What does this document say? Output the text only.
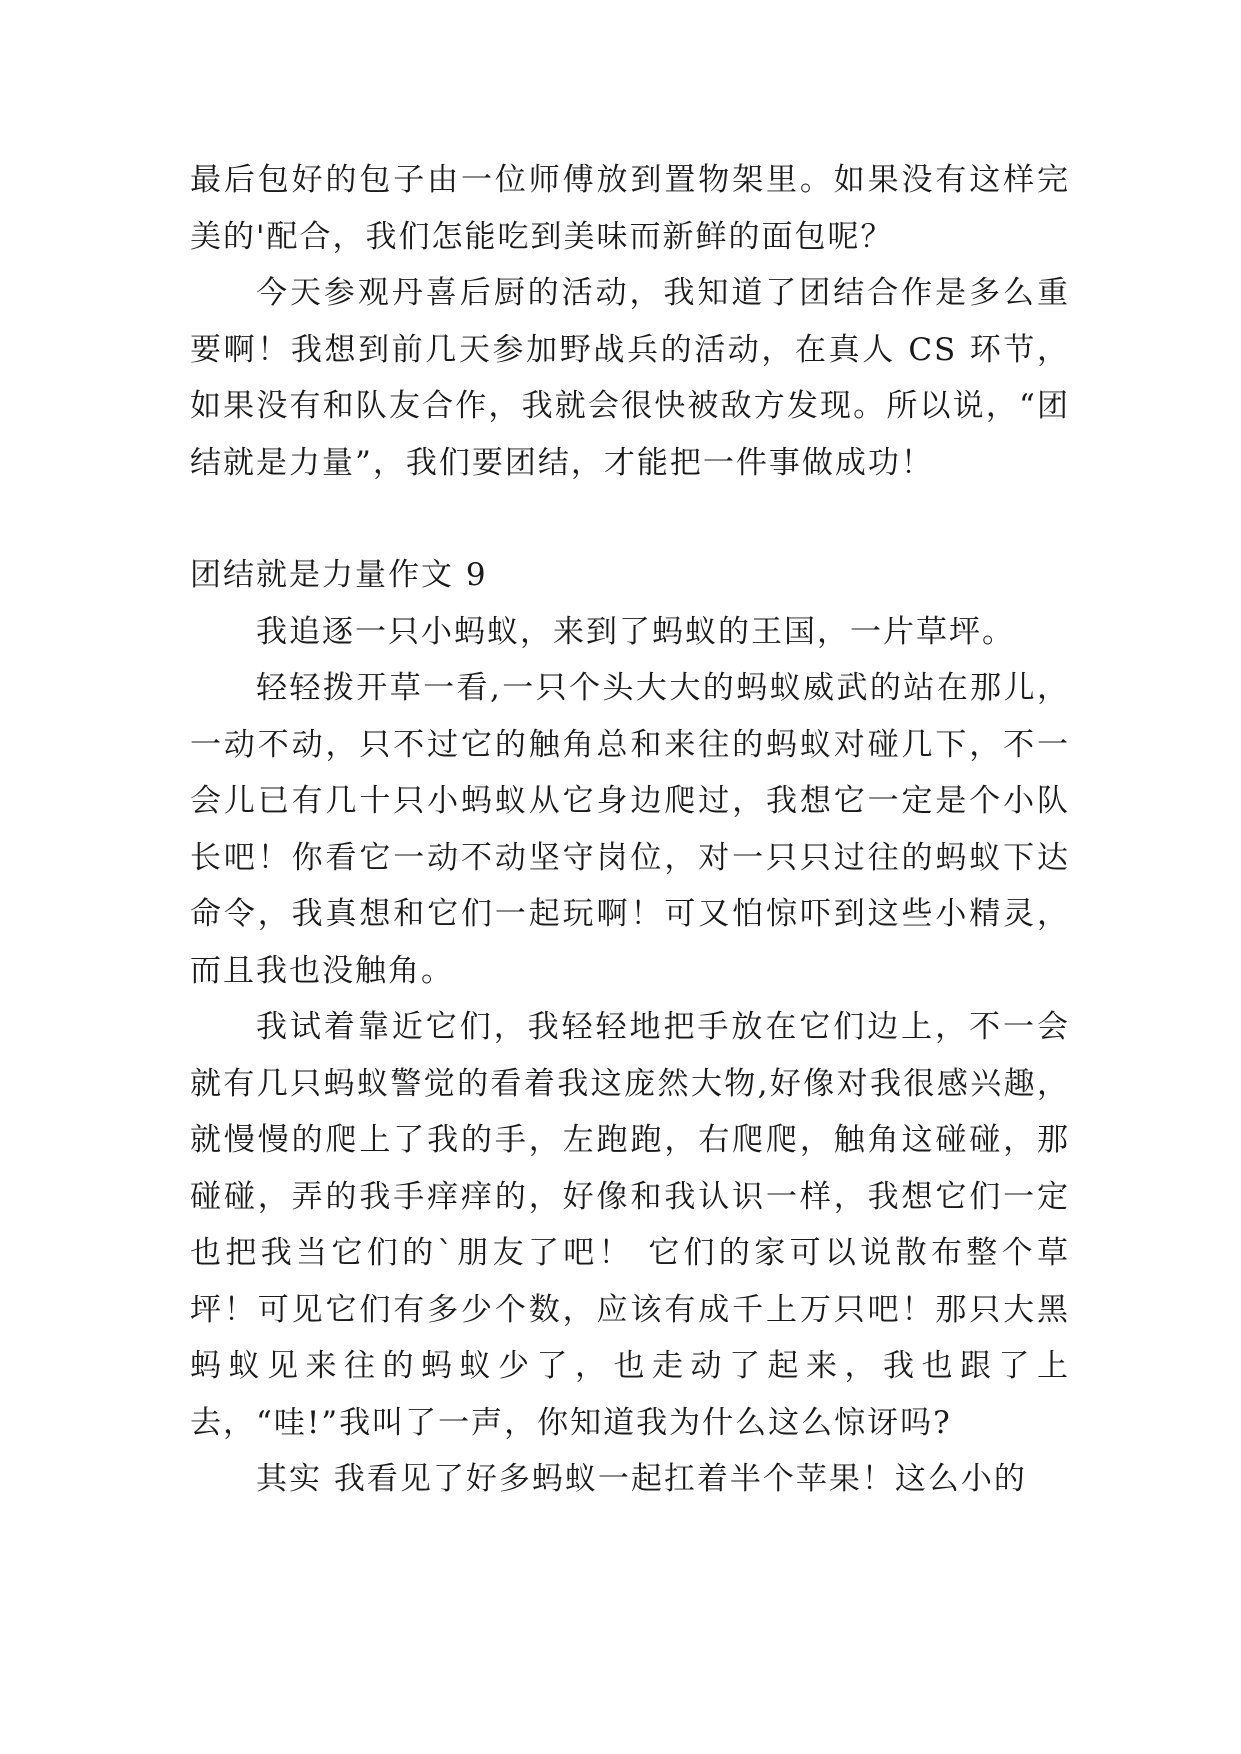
最后包好的包子由一位师傅放到置物架里。如果没有这样完美的'配合，我们怎能吃到美味而新鲜的面包呢？

今天参观丹喜后厨的活动，我知道了团结合作是多么重要啊！我想到前几天参加野战兵的活动，在真人 CS 环节，如果没有和队友合作，我就会很快被敌方发现。所以说，“团结就是力量”，我们要团结，才能把一件事做成功！

团结就是力量作文 9

我追逐一只小蚂蚁，来到了蚂蚁的王国，一片草坪。

轻轻拨开草一看,一只个头大大的蚂蚁威武的站在那儿，一动不动，只不过它的触角总和来往的蚂蚁对碰几下，不一会儿已有几十只小蚂蚁从它身边爬过，我想它一定是个小队长吧！你看它一动不动坚守岗位，对一只只过往的蚂蚁下达命令，我真想和它们一起玩啊！可又怕惊吓到这些小精灵，而且我也没触角。

我试着靠近它们，我轻轻地把手放在它们边上，不一会就有几只蚂蚁警觉的看着我这庞然大物,好像对我很感兴趣，就慢慢的爬上了我的手，左跑跑，右爬爬，触角这碰碰，那碰碰，弄的我手痒痒的，好像和我认识一样，我想它们一定也把我当它们的`朋友了吧！ 它们的家可以说散布整个草坪！可见它们有多少个数，应该有成千上万只吧！那只大黑蚂蚁见来往的蚂蚁少了，也走动了起来，我也跟了上去，“哇!”我叫了一声，你知道我为什么这么惊讶吗?

其实 我看见了好多蚂蚁一起扛着半个苹果！这么小的
